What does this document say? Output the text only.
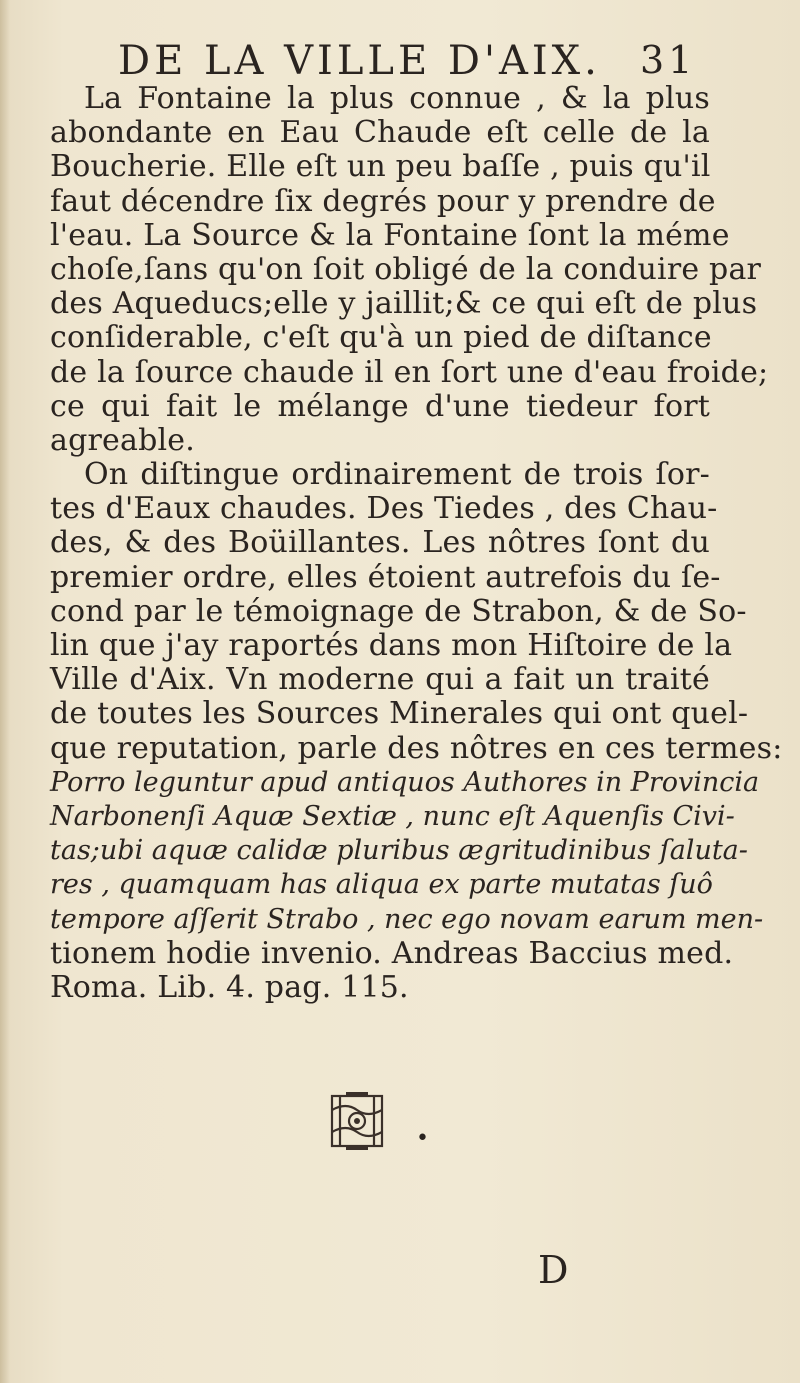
DE LA VILLE D'AIX. 31
La Fontaine la plus connue , & la plus
abondante en Eau Chaude eſt celle de la
Boucherie. Elle eſt un peu baſſe , puis qu'il
faut décendre ſix degrés pour y prendre de
l'eau. La Source & la Fontaine ſont la méme
choſe,ſans qu'on ſoit obligé de la conduire par
des Aqueducs;elle y jaillit;& ce qui eſt de plus
conſiderable, c'eſt qu'à un pied de diſtance
de la ſource chaude il en ſort une d'eau froide;
ce qui fait le mélange d'une tiedeur fort
agreable.
On diſtingue ordinairement de trois ſor-
tes d'Eaux chaudes. Des Tiedes , des Chau-
des, & des Boüillantes. Les nôtres ſont du
premier ordre, elles étoient autrefois du ſe-
cond par le témoignage de Strabon, & de So-
lin que j'ay raportés dans mon Hiſtoire de la
Ville d'Aix. Vn moderne qui a fait un traité
de toutes les Sources Minerales qui ont quel-
que reputation, parle des nôtres en ces termes:
Porro leguntur apud antiquos Authores in Provincia
Narbonenſi Aquæ Sextiæ , nunc eſt Aquenſis Civi-
tas;ubi aquæ calidæ pluribus ægritudinibus ſaluta-
res , quamquam has aliqua ex parte mutatas ſuô
tempore aſſerit Strabo , nec ego novam earum men-
tionem hodie invenio. Andreas Baccius med.
Roma. Lib. 4. pag. 115.
•
D
